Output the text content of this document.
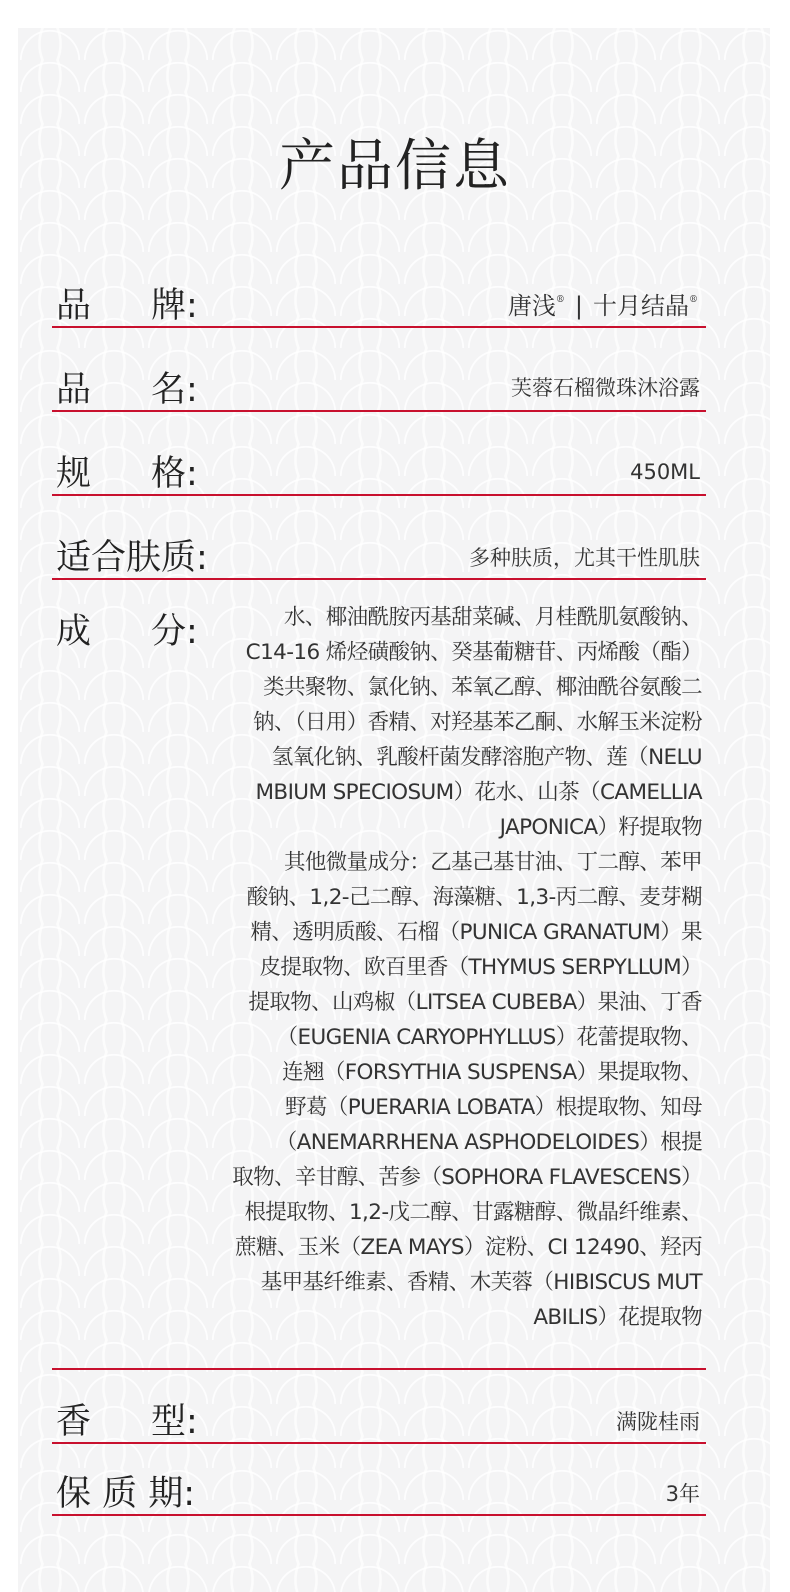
产品信息
品 牌:	唐浅® | 十月结晶®
品 名:	芙蓉石榴微珠沐浴露
规 格:	450ML
适合肤质:	多种肤质，尤其干性肌肤
成 分:	水、椰油酰胺丙基甜菜碱、月桂酰肌氨酸钠、
C14-16 烯烃磺酸钠、癸基葡糖苷、丙烯酸（酯）
类共聚物、氯化钠、苯氧乙醇、椰油酰谷氨酸二
钠、（日用）香精、对羟基苯乙酮、水解玉米淀粉
氢氧化钠、乳酸杆菌发酵溶胞产物、莲（NELU
MBIUM SPECIOSUM）花水、山茶（CAMELLIA
JAPONICA）籽提取物
其他微量成分：乙基己基甘油、丁二醇、苯甲
酸钠、1,2-己二醇、海藻糖、1,3-丙二醇、麦芽糊
精、透明质酸、石榴（PUNICA GRANATUM）果
皮提取物、欧百里香（THYMUS SERPYLLUM）
提取物、山鸡椒（LITSEA CUBEBA）果油、丁香
（EUGENIA CARYOPHYLLUS）花蕾提取物、
连翘（FORSYTHIA SUSPENSA）果提取物、
野葛（PUERARIA LOBATA）根提取物、知母
（ANEMARRHENA ASPHODELOIDES）根提
取物、辛甘醇、苦参（SOPHORA FLAVESCENS）
根提取物、1,2-戊二醇、甘露糖醇、微晶纤维素、
蔗糖、玉米（ZEA MAYS）淀粉、CI 12490、羟丙
基甲基纤维素、香精、木芙蓉（HIBISCUS MUT
ABILIS）花提取物
香 型:	满陇桂雨
保 质 期:	3年
